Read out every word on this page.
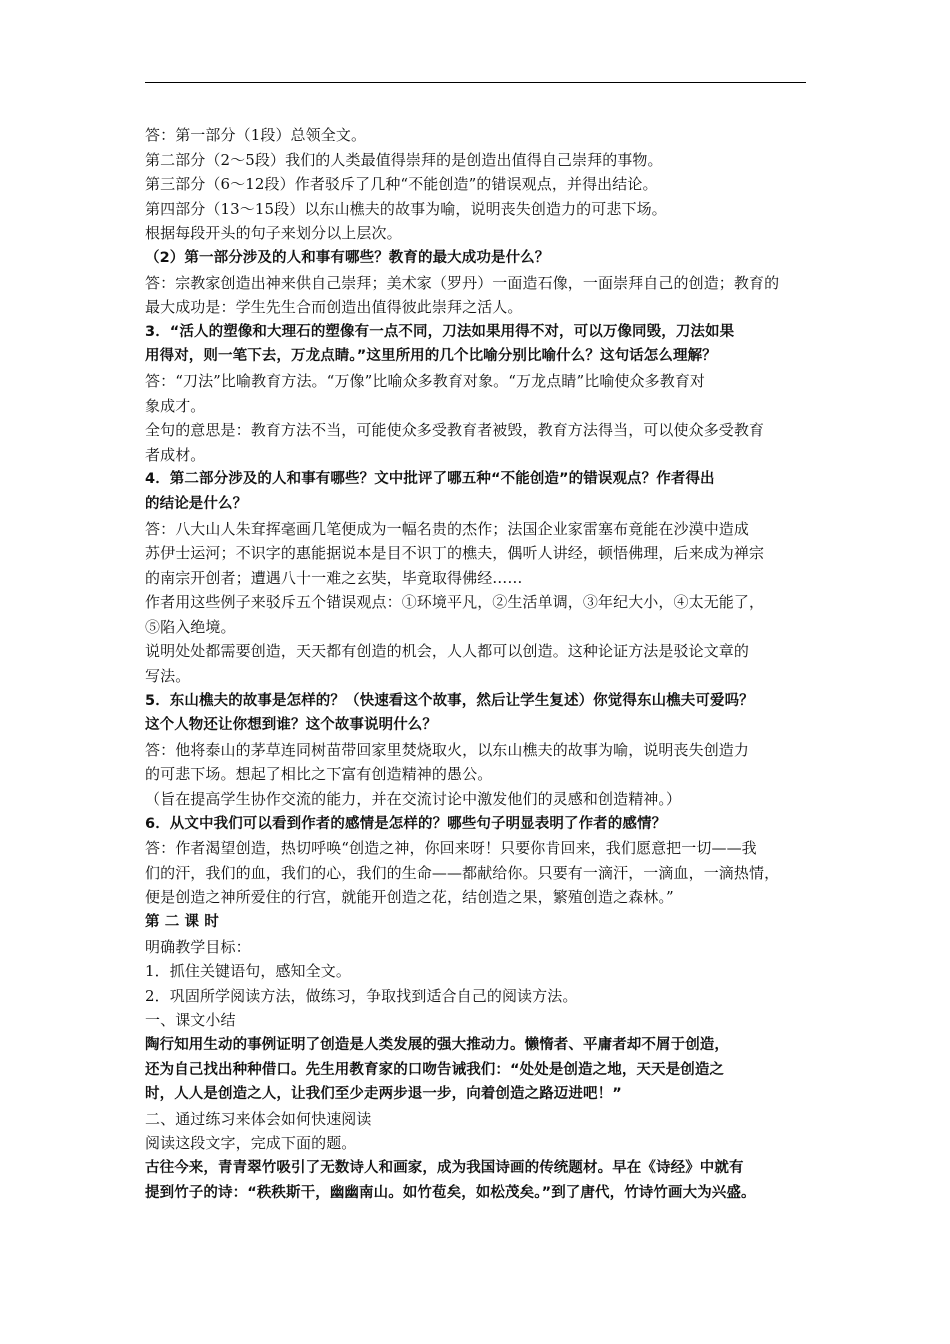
答：第一部分（1段）总领全文。

第二部分（2～5段）我们的人类最值得崇拜的是创造出值得自己崇拜的事物。

第三部分（6～12段）作者驳斥了几种“不能创造”的错误观点，并得出结论。

第四部分（13～15段）以东山樵夫的故事为喻，说明丧失创造力的可悲下场。

根据每段开头的句子来划分以上层次。

（2）第一部分涉及的人和事有哪些？教育的最大成功是什么？

答：宗教家创造出神来供自己崇拜；美术家（罗丹）一面造石像，一面崇拜自己的创造；教育的

最大成功是：学生先生合而创造出值得彼此崇拜之活人。

3．“活人的塑像和大理石的塑像有一点不同，刀法如果用得不对，可以万像同毁，刀法如果

用得对，则一笔下去，万龙点睛。”这里所用的几个比喻分别比喻什么？这句话怎么理解？

答：“刀法”比喻教育方法。“万像”比喻众多教育对象。“万龙点睛”比喻使众多教育对

象成才。

全句的意思是：教育方法不当，可能使众多受教育者被毁，教育方法得当，可以使众多受教育

者成材。

4．第二部分涉及的人和事有哪些？文中批评了哪五种“不能创造”的错误观点？作者得出

的结论是什么？

答：八大山人朱耷挥毫画几笔便成为一幅名贵的杰作；法国企业家雷塞布竟能在沙漠中造成

苏伊士运河；不识字的惠能据说本是目不识丁的樵夫，偶听人讲经，顿悟佛理，后来成为禅宗

的南宗开创者；遭遇八十一难之玄奘，毕竟取得佛经……

作者用这些例子来驳斥五个错误观点：①环境平凡，②生活单调，③年纪大小，④太无能了，

⑤陷入绝境。

说明处处都需要创造，天天都有创造的机会，人人都可以创造。这种论证方法是驳论文章的

写法。

5．东山樵夫的故事是怎样的？（快速看这个故事，然后让学生复述）你觉得东山樵夫可爱吗？

这个人物还让你想到谁？这个故事说明什么？

答：他将泰山的茅草连同树苗带回家里焚烧取火，以东山樵夫的故事为喻，说明丧失创造力

的可悲下场。想起了相比之下富有创造精神的愚公。

（旨在提高学生协作交流的能力，并在交流讨论中激发他们的灵感和创造精神。）

6．从文中我们可以看到作者的感情是怎样的？哪些句子明显表明了作者的感情？

答：作者渴望创造，热切呼唤“创造之神，你回来呀！只要你肯回来，我们愿意把一切——我

们的汗，我们的血，我们的心，我们的生命——都献给你。只要有一滴汗，一滴血，一滴热情，

便是创造之神所爱住的行宫，就能开创造之花，结创造之果，繁殖创造之森林。”

第 二 课 时

明确教学目标：

1．抓住关键语句，感知全文。

2．巩固所学阅读方法，做练习，争取找到适合自己的阅读方法。

一、课文小结

陶行知用生动的事例证明了创造是人类发展的强大推动力。懒惰者、平庸者却不屑于创造，

还为自己找出种种借口。先生用教育家的口吻告诫我们：“处处是创造之地，天天是创造之

时，人人是创造之人，让我们至少走两步退一步，向着创造之路迈进吧！”

二、通过练习来体会如何快速阅读

阅读这段文字，完成下面的题。

古往今来，青青翠竹吸引了无数诗人和画家，成为我国诗画的传统题材。早在《诗经》中就有

提到竹子的诗：“秩秩斯干，幽幽南山。如竹苞矣，如松茂矣。”到了唐代，竹诗竹画大为兴盛。
